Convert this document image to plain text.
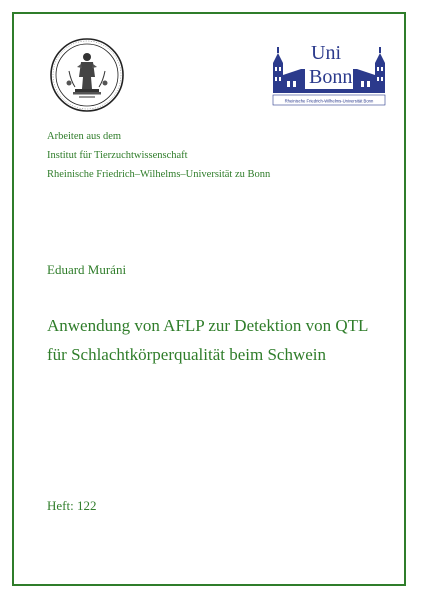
Uni
Bonn
Rheinische Friedrich-Wilhelms-Universität Bonn
Arbeiten aus dem
Institut für Tierzuchtwissenschaft
Rheinische Friedrich–Wilhelms–Universität zu Bonn
Eduard Muráni
Anwendung von AFLP zur Detektion von QTL
für Schlachtkörperqualität beim Schwein
Heft: 122
